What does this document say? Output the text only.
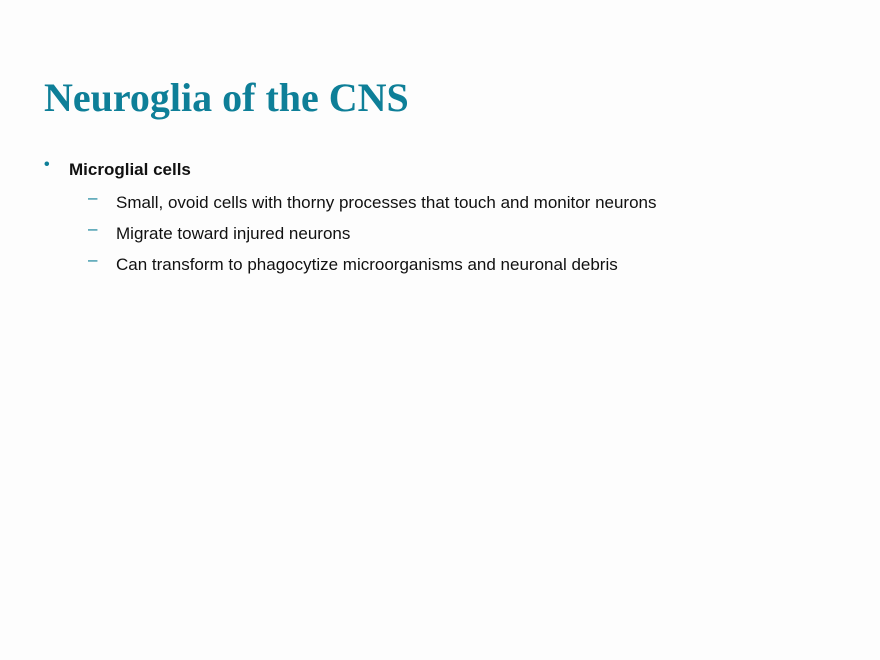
Neuroglia of the CNS
• Microglial cells
– Small, ovoid cells with thorny processes that touch and monitor neurons
– Migrate toward injured neurons
– Can transform to phagocytize microorganisms and neuronal debris
